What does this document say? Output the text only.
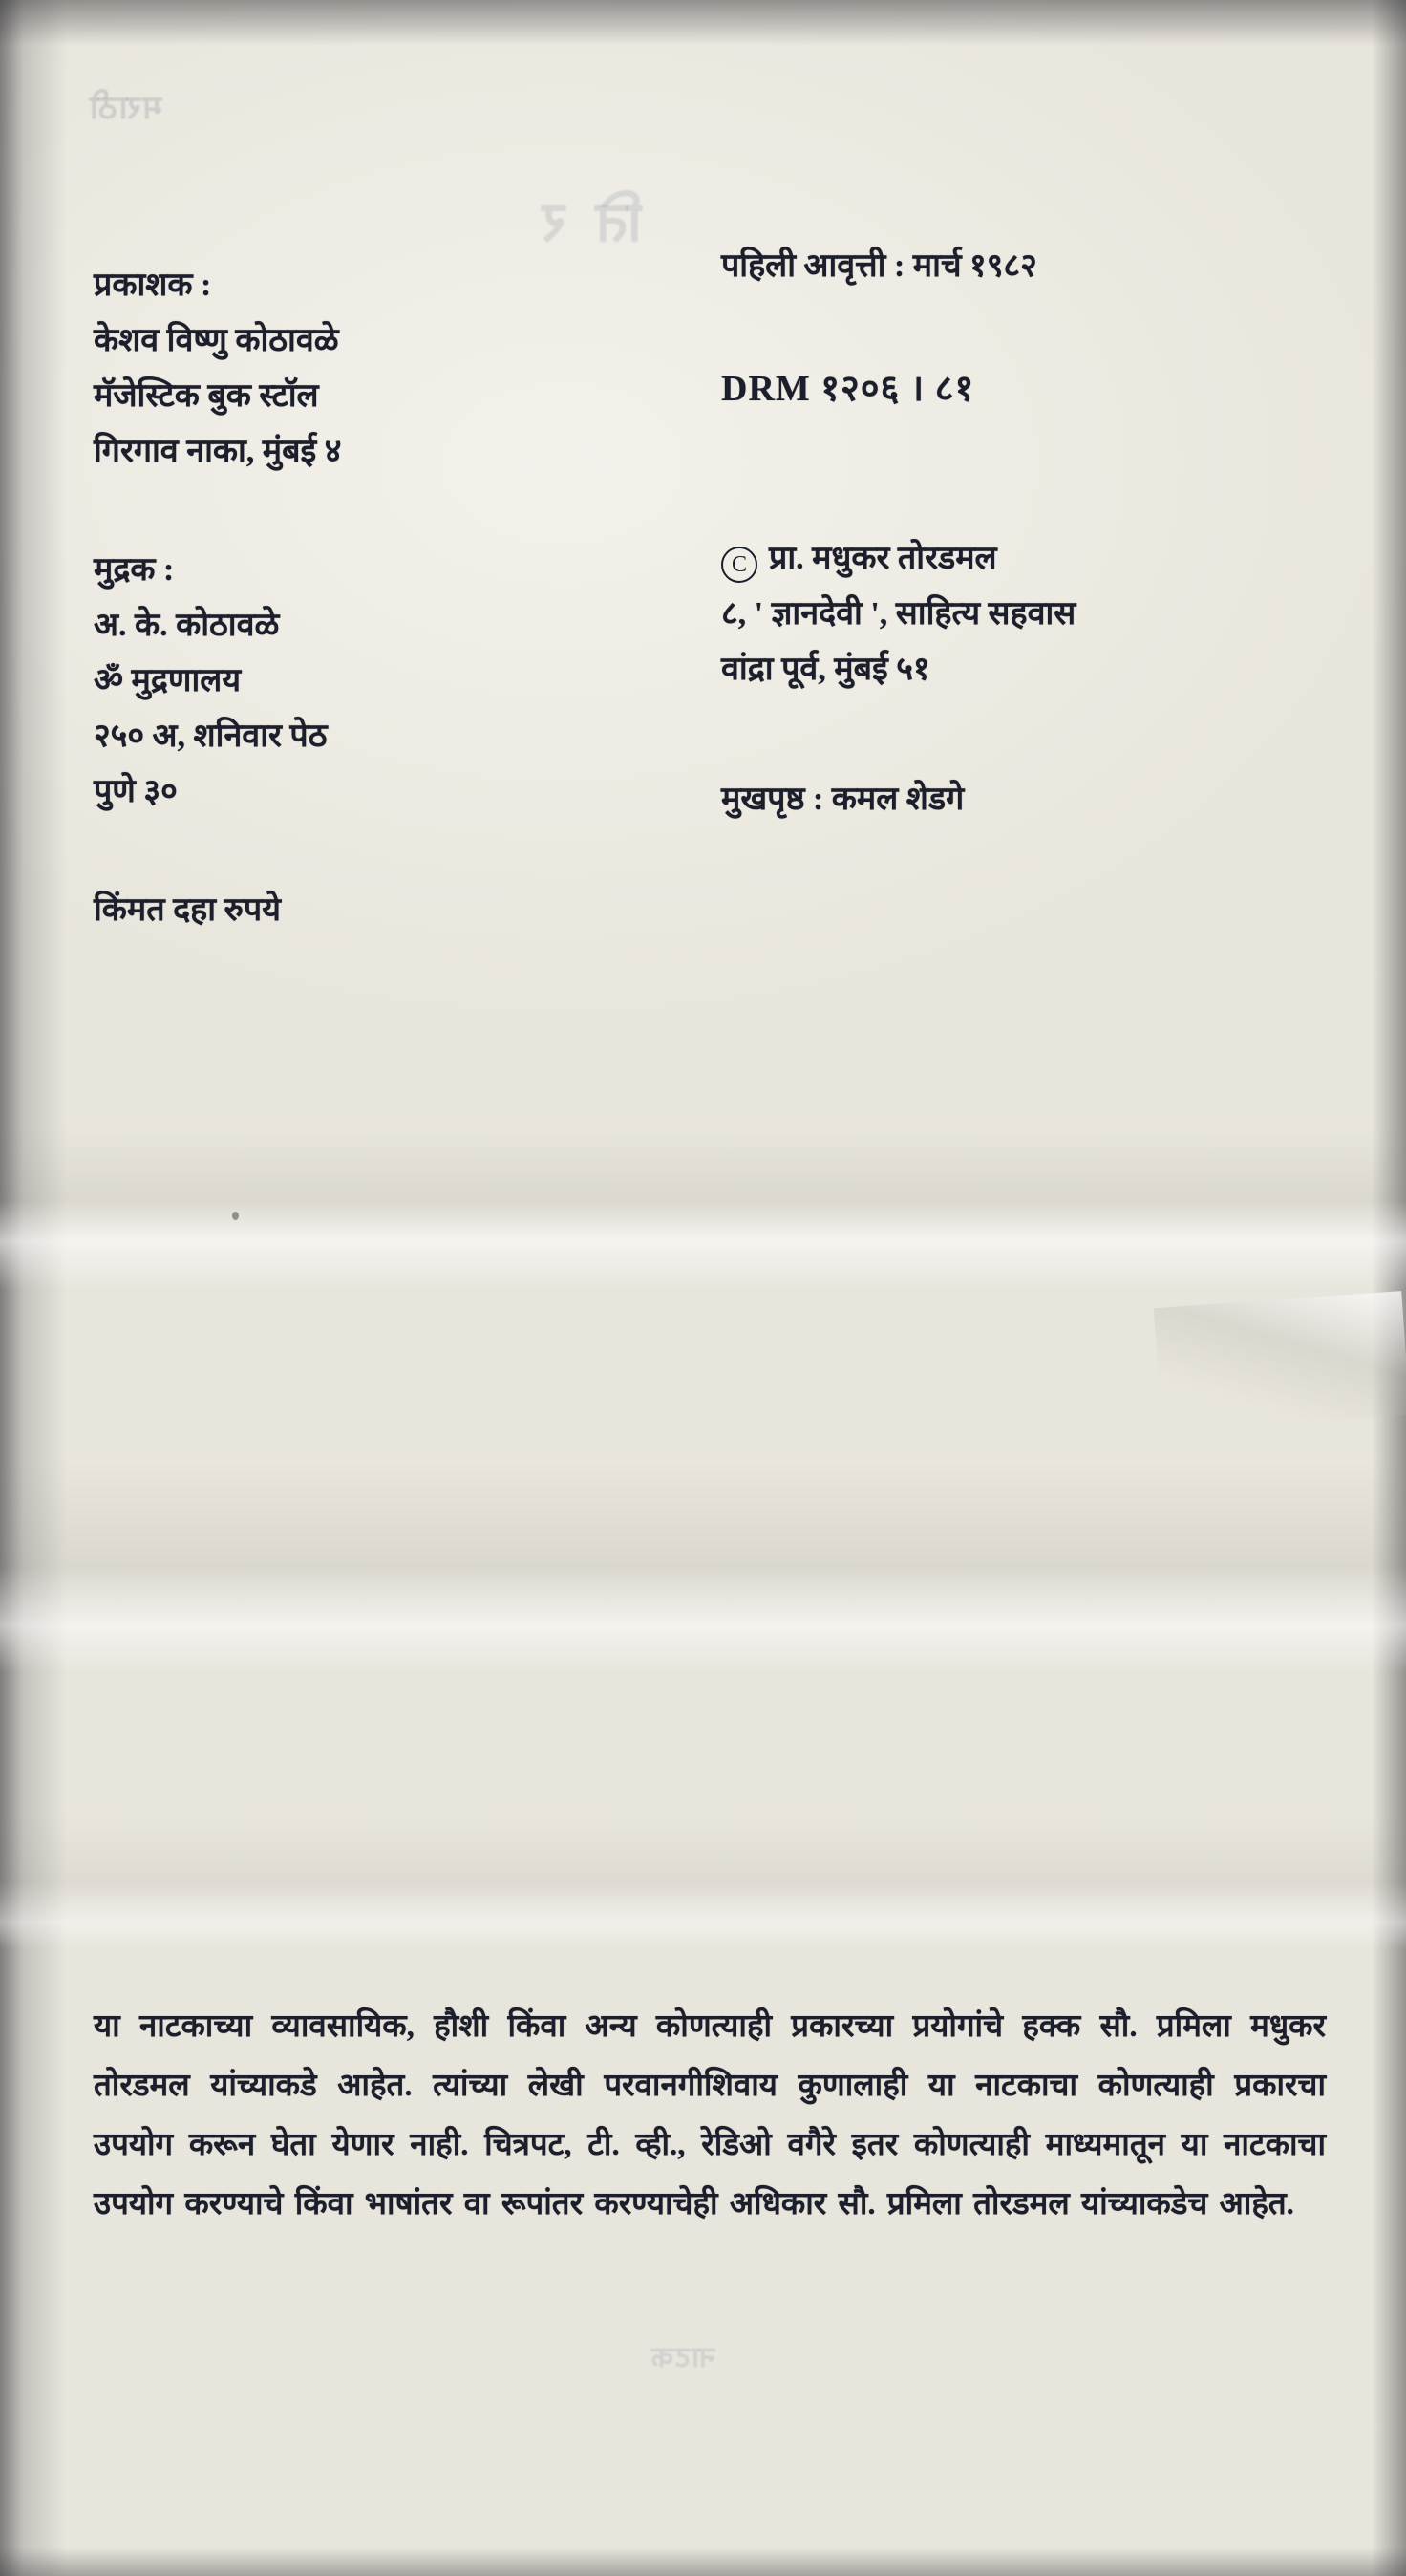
मराठी
ति र
नाटक
प्रकाशक :
केशव विष्णु कोठावळे
मॅजेस्टिक बुक स्टॉल
गिरगाव नाका, मुंबई ४
मुद्रक :
अ. के. कोठावळे
ॐ मुद्रणालय
२५० अ, शनिवार पेठ
पुणे ३०
किंमत दहा रुपये
पहिली आवृत्ती : मार्च १९८२
DRM १२०६ । ८१
C प्रा. मधुकर तोरडमल
८, ' ज्ञानदेवी ', साहित्य सहवास
वांद्रा पूर्व, मुंबई ५१
मुखपृष्ठ : कमल शेडगे
या नाटकाच्या व्यावसायिक, हौशी किंवा अन्य कोणत्याही प्रकारच्या प्रयोगांचे हक्क सौ. प्रमिला मधुकर तोरडमल यांच्याकडे आहेत. त्यांच्या लेखी परवानगीशिवाय कुणालाही या नाटकाचा कोणत्याही प्रकारचा उपयोग करून घेता येणार नाही. चित्रपट, टी. व्ही., रेडिओ वगैरे इतर कोणत्याही माध्यमातून या नाटकाचा उपयोग करण्याचे किंवा भाषांतर वा रूपांतर करण्याचेही अधिकार सौ. प्रमिला तोरडमल यांच्याकडेच आहेत.
